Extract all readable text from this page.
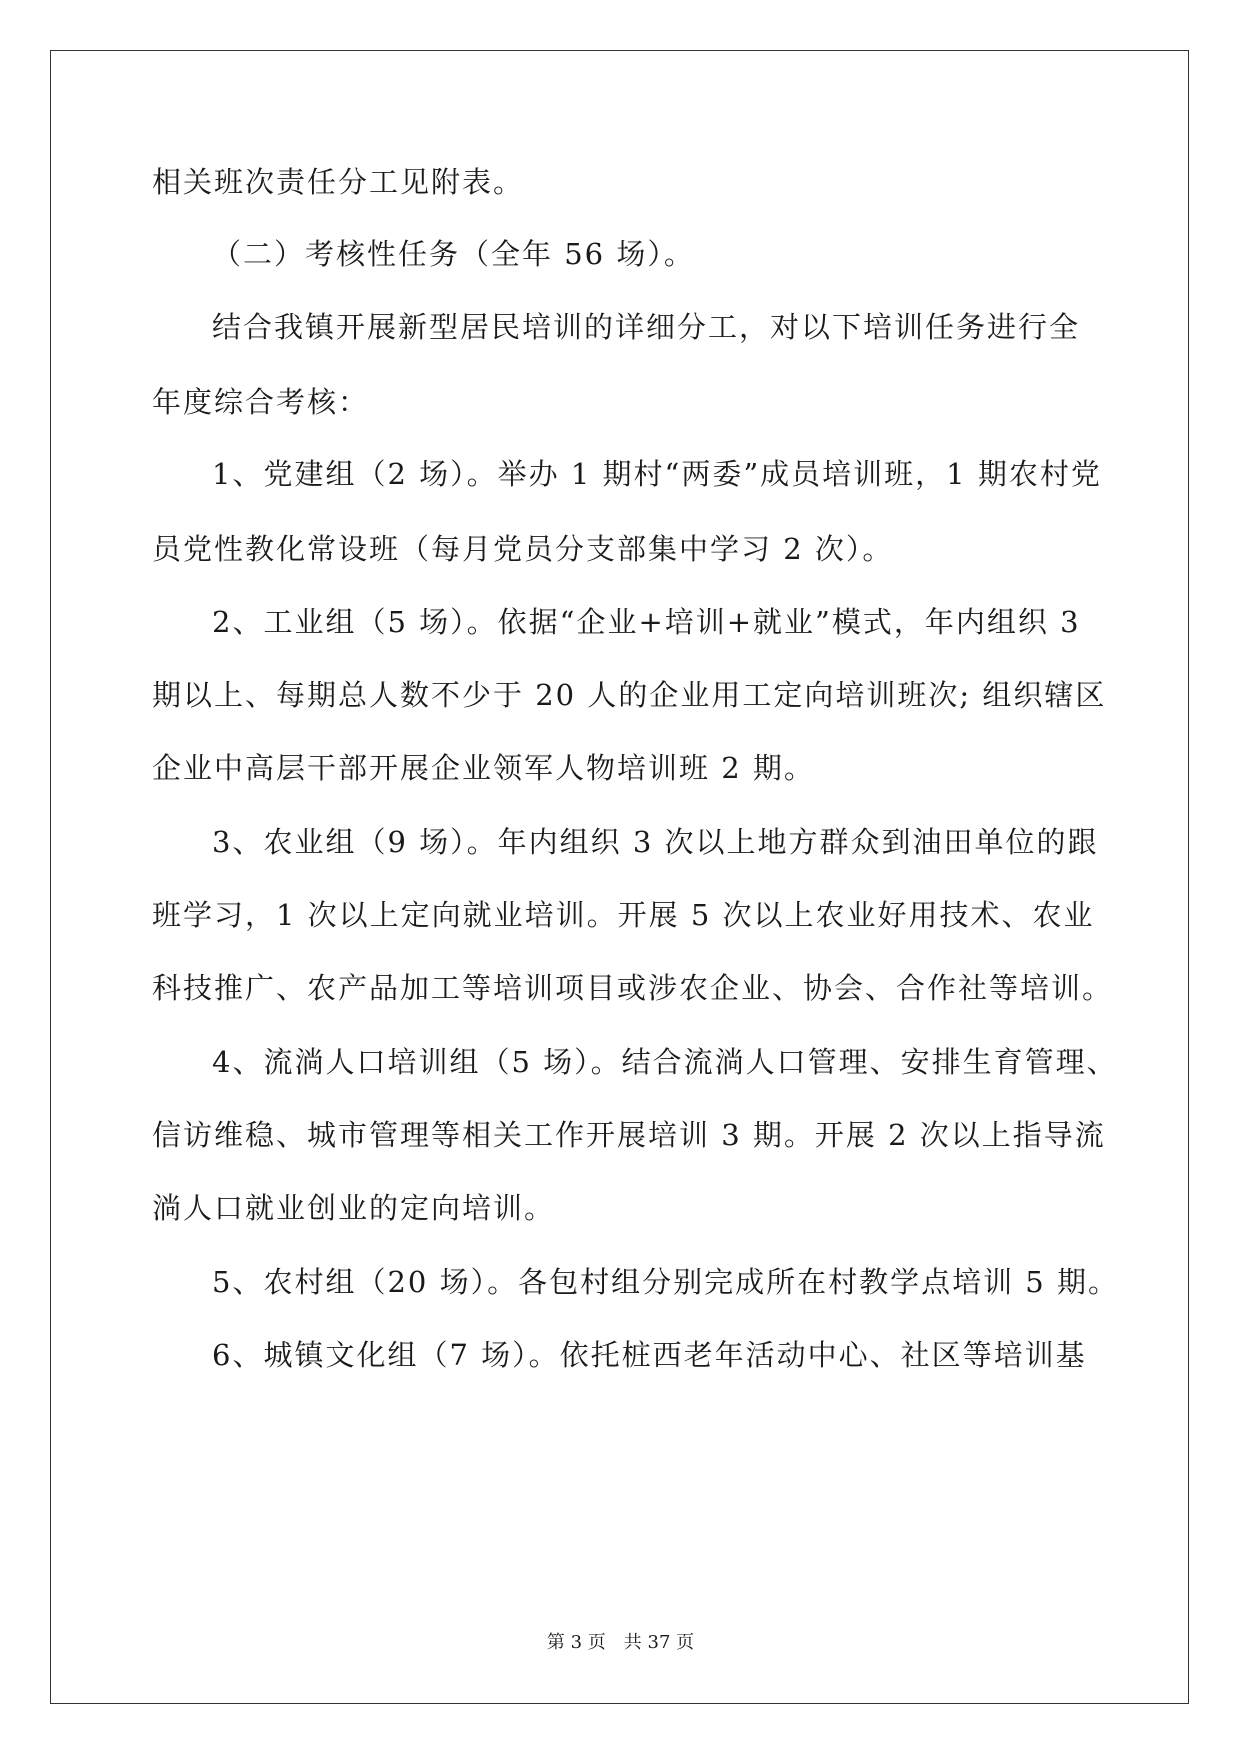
相关班次责任分工见附表。
（二）考核性任务（全年 56 场）。
结合我镇开展新型居民培训的详细分工，对以下培训任务进行全
年度综合考核：
1、党建组（2 场）。举办 1 期村“两委”成员培训班，1 期农村党
员党性教化常设班（每月党员分支部集中学习 2 次）。
2、工业组（5 场）。依据“企业+培训+就业”模式，年内组织 3
期以上、每期总人数不少于 20 人的企业用工定向培训班次; 组织辖区
企业中高层干部开展企业领军人物培训班 2 期。
3、农业组（9 场）。年内组织 3 次以上地方群众到油田单位的跟
班学习，1 次以上定向就业培训。开展 5 次以上农业好用技术、农业
科技推广、农产品加工等培训项目或涉农企业、协会、合作社等培训。
4、流淌人口培训组（5 场）。结合流淌人口管理、安排生育管理、
信访维稳、城市管理等相关工作开展培训 3 期。开展 2 次以上指导流
淌人口就业创业的定向培训。
5、农村组（20 场）。各包村组分别完成所在村教学点培训 5 期。
6、城镇文化组（7 场）。依托桩西老年活动中心、社区等培训基
第 3 页　共 37 页
